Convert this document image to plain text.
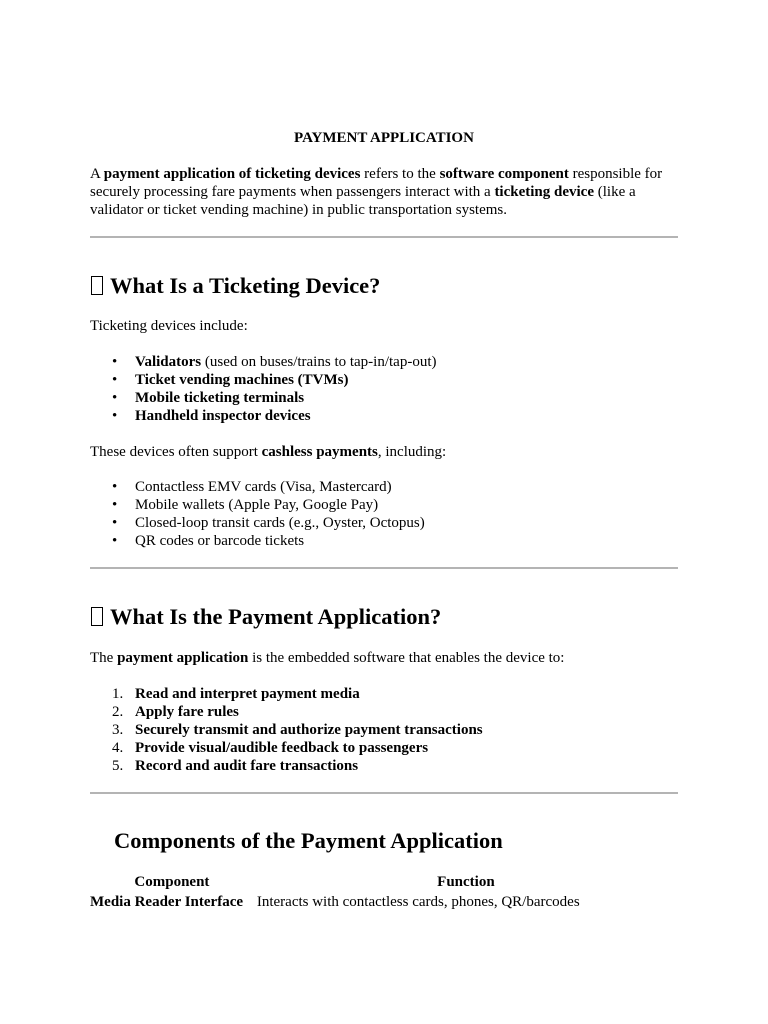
PAYMENT APPLICATION
A payment application of ticketing devices refers to the software component responsible for securely processing fare payments when passengers interact with a ticketing device (like a validator or ticket vending machine) in public transportation systems.
What Is a Ticketing Device?
Ticketing devices include:
• Validators (used on buses/trains to tap-in/tap-out)
• Ticket vending machines (TVMs)
• Mobile ticketing terminals
• Handheld inspector devices
These devices often support cashless payments, including:
• Contactless EMV cards (Visa, Mastercard)
• Mobile wallets (Apple Pay, Google Pay)
• Closed-loop transit cards (e.g., Oyster, Octopus)
• QR codes or barcode tickets
What Is the Payment Application?
The payment application is the embedded software that enables the device to:
1. Read and interpret payment media
2. Apply fare rules
3. Securely transmit and authorize payment transactions
4. Provide visual/audible feedback to passengers
5. Record and audit fare transactions
Components of the Payment Application
Component	Function
Media Reader Interface	Interacts with contactless cards, phones, QR/barcodes
